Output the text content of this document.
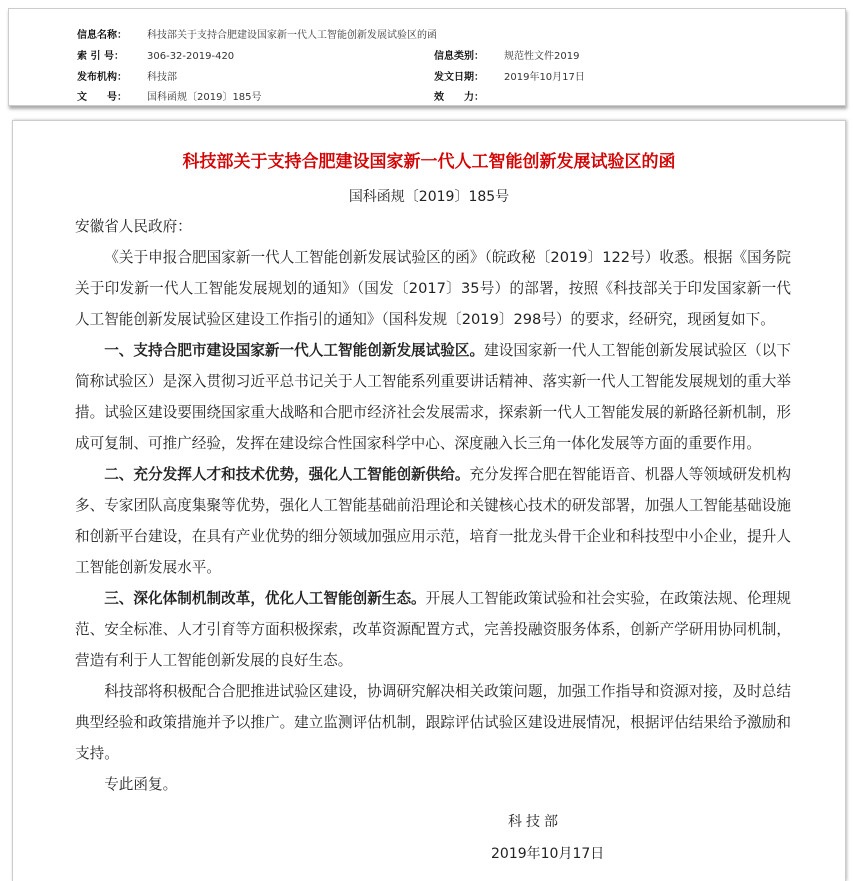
信息名称： 科技部关于支持合肥建设国家新一代人工智能创新发展试验区的函
索 引 号： 306-32-2019-420	信息类别： 规范性文件2019
发布机构： 科技部	发文日期： 2019年10月17日
文　　号： 国科函规〔2019〕185号	效　　力：
科技部关于支持合肥建设国家新一代人工智能创新发展试验区的函
国科函规〔2019〕185号

安徽省人民政府：

《关于申报合肥国家新一代人工智能创新发展试验区的函》（皖政秘〔2019〕122号）收悉。根据《国务院关于印发新一代人工智能发展规划的通知》（国发〔2017〕35号）的部署，按照《科技部关于印发国家新一代人工智能创新发展试验区建设工作指引的通知》（国科发规〔2019〕298号）的要求，经研究，现函复如下。

一、支持合肥市建设国家新一代人工智能创新发展试验区。建设国家新一代人工智能创新发展试验区（以下简称试验区）是深入贯彻习近平总书记关于人工智能系列重要讲话精神、落实新一代人工智能发展规划的重大举措。试验区建设要围绕国家重大战略和合肥市经济社会发展需求，探索新一代人工智能发展的新路径新机制，形成可复制、可推广经验，发挥在建设综合性国家科学中心、深度融入长三角一体化发展等方面的重要作用。

二、充分发挥人才和技术优势，强化人工智能创新供给。充分发挥合肥在智能语音、机器人等领域研发机构多、专家团队高度集聚等优势，强化人工智能基础前沿理论和关键核心技术的研发部署，加强人工智能基础设施和创新平台建设，在具有产业优势的细分领域加强应用示范，培育一批龙头骨干企业和科技型中小企业，提升人工智能创新发展水平。

三、深化体制机制改革，优化人工智能创新生态。开展人工智能政策试验和社会实验，在政策法规、伦理规范、安全标准、人才引育等方面积极探索，改革资源配置方式，完善投融资服务体系，创新产学研用协同机制，营造有利于人工智能创新发展的良好生态。

科技部将积极配合合肥推进试验区建设，协调研究解决相关政策问题，加强工作指导和资源对接，及时总结典型经验和政策措施并予以推广。建立监测评估机制，跟踪评估试验区建设进展情况，根据评估结果给予激励和支持。

专此函复。

科技部
2019年10月17日
